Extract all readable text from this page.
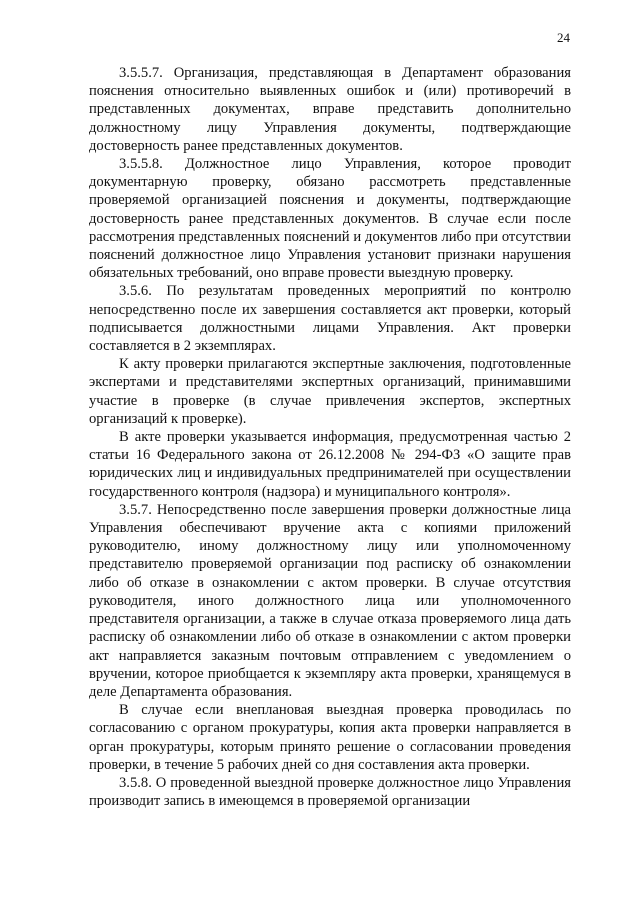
24

3.5.5.7. Организация, представляющая в Департамент образования пояснения относительно выявленных ошибок и (или) противоречий в представленных документах, вправе представить дополнительно должностному лицу Управления документы, подтверждающие достоверность ранее представленных документов.

3.5.5.8. Должностное лицо Управления, которое проводит документарную проверку, обязано рассмотреть представленные проверяемой организацией пояснения и документы, подтверждающие достоверность ранее представленных документов. В случае если после рассмотрения представленных пояснений и документов либо при отсутствии пояснений должностное лицо Управления установит признаки нарушения обязательных требований, оно вправе провести выездную проверку.

3.5.6. По результатам проведенных мероприятий по контролю непосредственно после их завершения составляется акт проверки, который подписывается должностными лицами Управления. Акт проверки составляется в 2 экземплярах.

К акту проверки прилагаются экспертные заключения, подготовленные экспертами и представителями экспертных организаций, принимавшими участие в проверке (в случае привлечения экспертов, экспертных организаций к проверке).

В акте проверки указывается информация, предусмотренная частью 2 статьи 16 Федерального закона от 26.12.2008 № 294-ФЗ «О защите прав юридических лиц и индивидуальных предпринимателей при осуществлении государственного контроля (надзора) и муниципального контроля».

3.5.7. Непосредственно после завершения проверки должностные лица Управления обеспечивают вручение акта с копиями приложений руководителю, иному должностному лицу или уполномоченному представителю проверяемой организации под расписку об ознакомлении либо об отказе в ознакомлении с актом проверки. В случае отсутствия руководителя, иного должностного лица или уполномоченного представителя организации, а также в случае отказа проверяемого лица дать расписку об ознакомлении либо об отказе в ознакомлении с актом проверки акт направляется заказным почтовым отправлением с уведомлением о вручении, которое приобщается к экземпляру акта проверки, хранящемуся в деле Департамента образования.

В случае если внеплановая выездная проверка проводилась по согласованию с органом прокуратуры, копия акта проверки направляется в орган прокуратуры, которым принято решение о согласовании проведения проверки, в течение 5 рабочих дней со дня составления акта проверки.

3.5.8. О проведенной выездной проверке должностное лицо Управления производит запись в имеющемся в проверяемой организации
